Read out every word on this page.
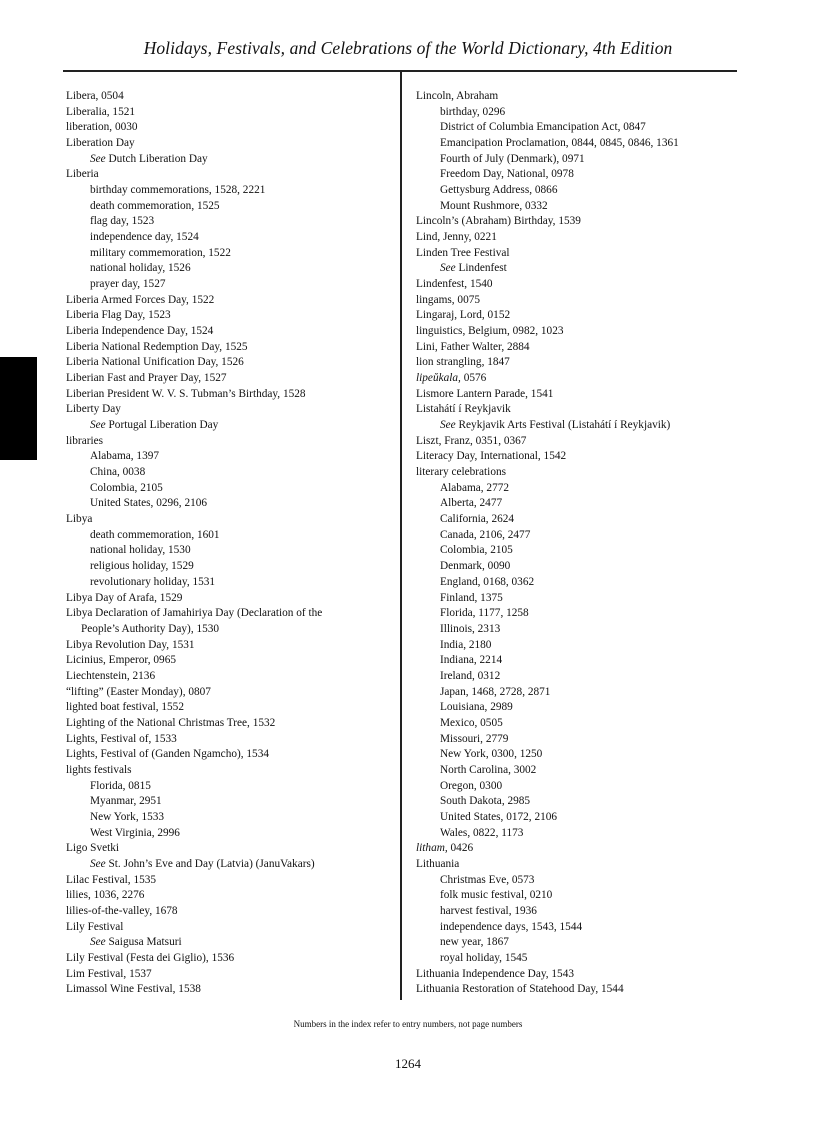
Holidays, Festivals, and Celebrations of the World Dictionary, 4th Edition
Libera, 0504
Liberalia, 1521
liberation, 0030
Liberation Day
See Dutch Liberation Day
Liberia
birthday commemorations, 1528, 2221
death commemoration, 1525
flag day, 1523
independence day, 1524
military commemoration, 1522
national holiday, 1526
prayer day, 1527
Liberia Armed Forces Day, 1522
Liberia Flag Day, 1523
Liberia Independence Day, 1524
Liberia National Redemption Day, 1525
Liberia National Unification Day, 1526
Liberian Fast and Prayer Day, 1527
Liberian President W. V. S. Tubman’s Birthday, 1528
Liberty Day
See Portugal Liberation Day
libraries
Alabama, 1397
China, 0038
Colombia, 2105
United States, 0296, 2106
Libya
death commemoration, 1601
national holiday, 1530
religious holiday, 1529
revolutionary holiday, 1531
Libya Day of Arafa, 1529
Libya Declaration of Jamahiriya Day (Declaration of the
People’s Authority Day), 1530
Libya Revolution Day, 1531
Licinius, Emperor, 0965
Liechtenstein, 2136
“lifting” (Easter Monday), 0807
lighted boat festival, 1552
Lighting of the National Christmas Tree, 1532
Lights, Festival of, 1533
Lights, Festival of (Ganden Ngamcho), 1534
lights festivals
Florida, 0815
Myanmar, 2951
New York, 1533
West Virginia, 2996
Ligo Svetki
See St. John’s Eve and Day (Latvia) (JanuVakars)
Lilac Festival, 1535
lilies, 1036, 2276
lilies-of-the-valley, 1678
Lily Festival
See Saigusa Matsuri
Lily Festival (Festa dei Giglio), 1536
Lim Festival, 1537
Limassol Wine Festival, 1538
Lincoln, Abraham
birthday, 0296
District of Columbia Emancipation Act, 0847
Emancipation Proclamation, 0844, 0845, 0846, 1361
Fourth of July (Denmark), 0971
Freedom Day, National, 0978
Gettysburg Address, 0866
Mount Rushmore, 0332
Lincoln’s (Abraham) Birthday, 1539
Lind, Jenny, 0221
Linden Tree Festival
See Lindenfest
Lindenfest, 1540
lingams, 0075
Lingaraj, Lord, 0152
linguistics, Belgium, 0982, 1023
Lini, Father Walter, 2884
lion strangling, 1847
lipeŭkala, 0576
Lismore Lantern Parade, 1541
Listahátí í Reykjavik
See Reykjavik Arts Festival (Listahátí í Reykjavik)
Liszt, Franz, 0351, 0367
Literacy Day, International, 1542
literary celebrations
Alabama, 2772
Alberta, 2477
California, 2624
Canada, 2106, 2477
Colombia, 2105
Denmark, 0090
England, 0168, 0362
Finland, 1375
Florida, 1177, 1258
Illinois, 2313
India, 2180
Indiana, 2214
Ireland, 0312
Japan, 1468, 2728, 2871
Louisiana, 2989
Mexico, 0505
Missouri, 2779
New York, 0300, 1250
North Carolina, 3002
Oregon, 0300
South Dakota, 2985
United States, 0172, 2106
Wales, 0822, 1173
litham, 0426
Lithuania
Christmas Eve, 0573
folk music festival, 0210
harvest festival, 1936
independence days, 1543, 1544
new year, 1867
royal holiday, 1545
Lithuania Independence Day, 1543
Lithuania Restoration of Statehood Day, 1544
Numbers in the index refer to entry numbers, not page numbers
1264
